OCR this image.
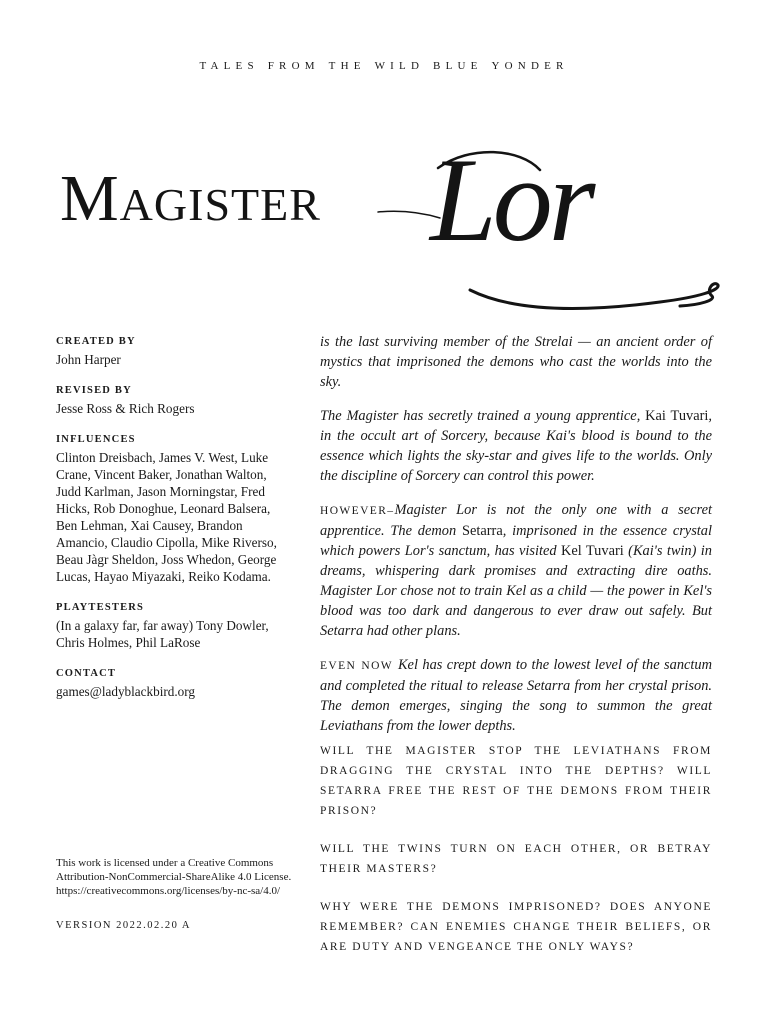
tales from the wild blue yonder
Magister Lor
CREATED BY
John Harper
REVISED BY
Jesse Ross & Rich Rogers
INFLUENCES
Clinton Dreisbach, James V. West, Luke Crane, Vincent Baker, Jonathan Walton, Judd Karlman, Jason Morningstar, Fred Hicks, Rob Donoghue, Leonard Balsera, Ben Lehman, Xai Causey, Brandon Amancio, Claudio Cipolla, Mike Riverso, Beau Jàgr Sheldon, Joss Whedon, George Lucas, Hayao Miyazaki, Reiko Kodama.
PLAYTESTERS
(In a galaxy far, far away) Tony Dowler, Chris Holmes, Phil LaRose
CONTACT
games@ladyblackbird.org
This work is licensed under a Creative Commons Attribution-NonCommercial-ShareAlike 4.0 License. https://creativecommons.org/licenses/by-nc-sa/4.0/
VERSION 2022.02.20 A

is the last surviving member of the Strelai — an ancient order of mystics that imprisoned the demons who cast the worlds into the sky.

The Magister has secretly trained a young apprentice, Kai Tuvari, in the occult art of Sorcery, because Kai's blood is bound to the essence which lights the sky-star and gives life to the worlds. Only the discipline of Sorcery can control this power.

HOWEVER–Magister Lor is not the only one with a secret apprentice. The demon Setarra, imprisoned in the essence crystal which powers Lor's sanctum, has visited Kel Tuvari (Kai's twin) in dreams, whispering dark promises and extracting dire oaths. Magister Lor chose not to train Kel as a child — the power in Kel's blood was too dark and dangerous to ever draw out safely. But Setarra had other plans.

EVEN NOW Kel has crept down to the lowest level of the sanctum and completed the ritual to release Setarra from her crystal prison. The demon emerges, singing the song to summon the great Leviathans from the lower depths.

WILL THE MAGISTER STOP THE LEVIATHANS FROM DRAGGING THE CRYSTAL INTO THE DEPTHS? WILL SETARRA FREE THE REST OF THE DEMONS FROM THEIR PRISON?

WILL THE TWINS TURN ON EACH OTHER, OR BETRAY THEIR MASTERS?

WHY WERE THE DEMONS IMPRISONED? DOES ANYONE REMEMBER? CAN ENEMIES CHANGE THEIR BELIEFS, OR ARE DUTY AND VENGEANCE THE ONLY WAYS?
